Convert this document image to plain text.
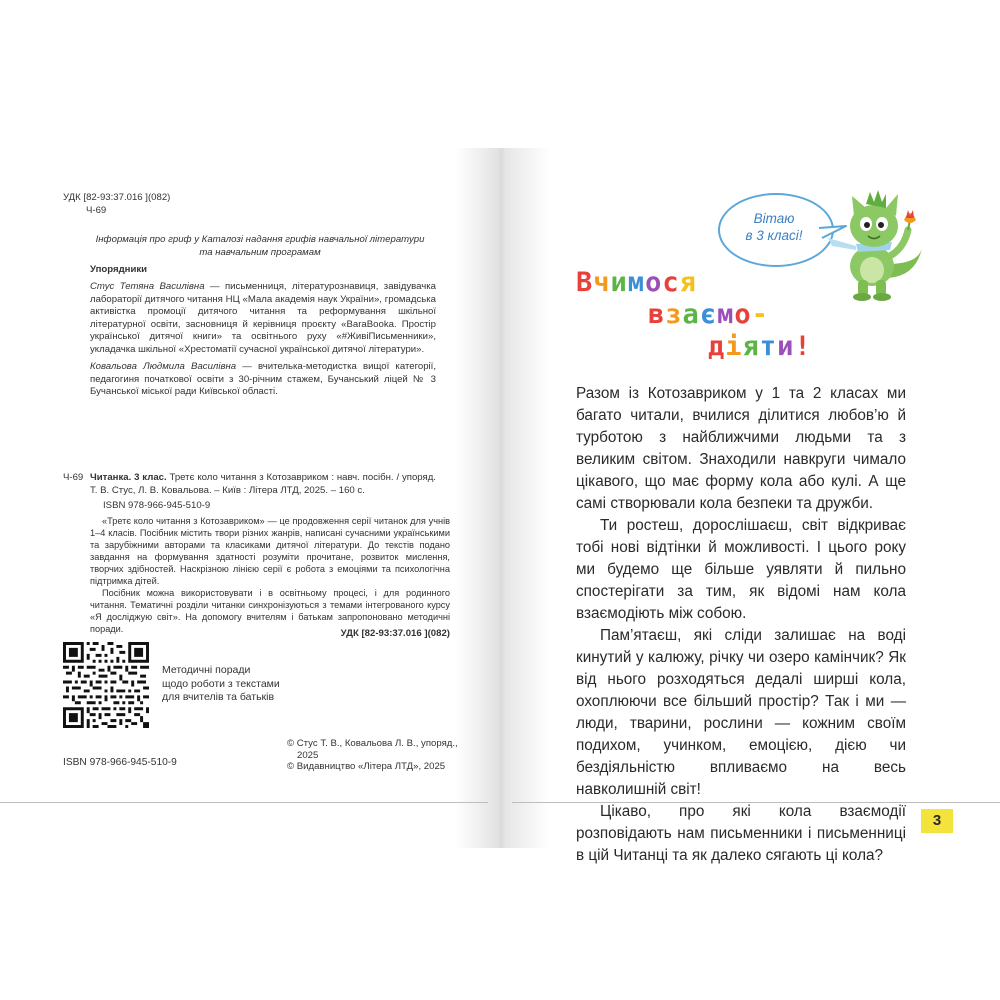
УДК [82-93:37.016 ](082)
Ч-69
Інформація про гриф у Каталозі надання грифів навчальної літератури
та навчальним програмам
Упорядники
Стус Тетяна Василівна — письменниця, літературознавиця, завідувачка лабораторії дитячого читання НЦ «Мала академія наук України», громадська активістка промоції дитячого читання та реформування шкільної літературної освіти, засновниця й керівниця проєкту «BaraBooka. Простір української дитячої книги» та освітнього руху «#ЖивіПисьменники», укладачка шкільної «Хрестоматії сучасної української дитячої літератури».
Ковальова Людмила Василівна — вчителька-методистка вищої категорії, педагогиня початкової освіти з 30-річним стажем, Бучанський ліцей № 3 Бучанської міської ради Київської області.
Ч-69 Читанка. 3 клас. Третє коло читання з Котозавриком : навч. посібн. / упоряд. Т. В. Стус, Л. В. Ковальова. – Київ : Літера ЛТД, 2025. – 160 с.
ISBN 978-966-945-510-9

«Третє коло читання з Котозавриком» — це продовження серії читанок для учнів 1–4 класів. Посібник містить твори різних жанрів, написані сучасними українськими та зарубіжними авторами та класиками дитячої літератури. До текстів подано завдання на формування здатності розуміти прочитане, розвиток мислення, творчих здібностей. Наскрізною лінією серії є робота з емоціями та психологічна підтримка дітей.

Посібник можна використовувати і в освітньому процесі, і для родинного читання. Тематичні розділи читанки синхронізуються з темами інтегрованого курсу «Я досліджую світ». На допомогу вчителям і батькам запропоновано методичні поради.	УДК [82-93:37.016 ](082)
Методичні поради
щодо роботи з текстами
для вчителів та батьків
© Стус Т. В., Ковальова Л. В., упоряд.,
2025
© Видавництво «Літера ЛТД», 2025
ISBN 978-966-945-510-9
Вітаю
в 3 класі!
Вчимося
взаємо-
діяти!

Разом із Котозавриком у 1 та 2 класах ми багато читали, вчилися ділитися любов’ю й турботою з найближчими людьми та з великим світом. Знаходили навкруги чимало цікавого, що має форму кола або кулі. А ще самі створювали кола безпеки та дружби.

Ти ростеш, дорослішаєш, світ відкриває тобі нові відтінки й можливості. І цього року ми будемо ще більше уявляти й пильно спостерігати за тим, як відомі нам кола взаємодіють між собою.

Пам’ятаєш, які сліди залишає на воді кинутий у калюжу, річку чи озеро камінчик? Як від нього розходяться дедалі ширші кола, охоплюючи все більший простір? Так і ми — люди, тварини, рослини — кожним своїм подихом, учинком, емоцією, дією чи бездіяльністю впливаємо на весь навколишній світ!

Цікаво, про які кола взаємодії розповідають нам письменники і письменниці в цій Читанці та як далеко сягають ці кола?

3
